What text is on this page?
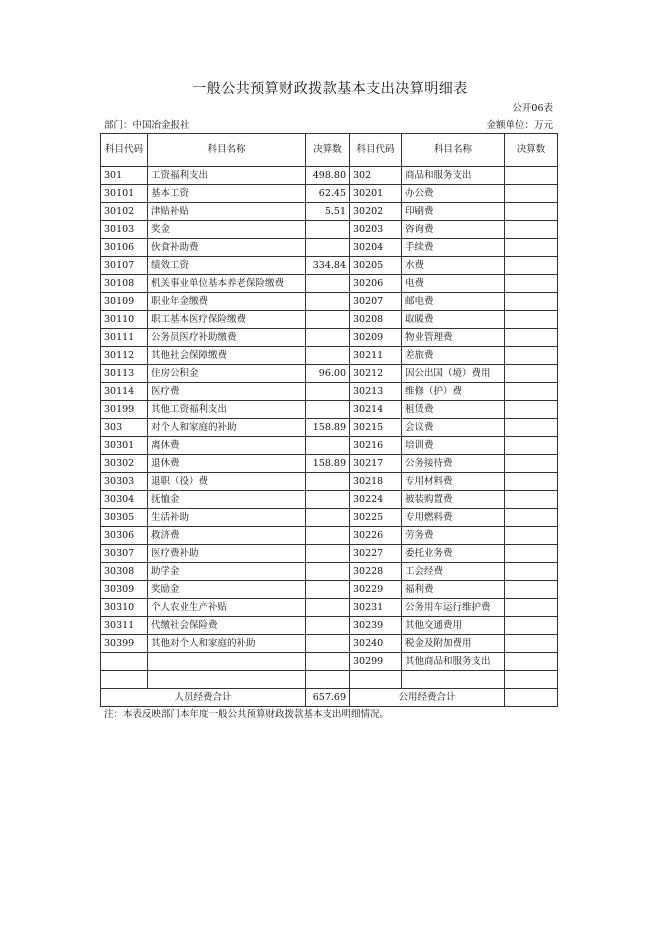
一般公共预算财政拨款基本支出决算明细表
公开06表
部门：中国冶金报社	金额单位：万元
科目代码	科目名称	决算数	科目代码	科目名称	决算数
301	工资福利支出	498.80	302	商品和服务支出	
30101	基本工资	62.45	30201	办公费	
30102	津贴补贴	5.51	30202	印刷费	
30103	奖金		30203	咨询费	
30106	伙食补助费		30204	手续费	
30107	绩效工资	334.84	30205	水费	
30108	机关事业单位基本养老保险缴费		30206	电费	
30109	职业年金缴费		30207	邮电费	
30110	职工基本医疗保险缴费		30208	取暖费	
30111	公务员医疗补助缴费		30209	物业管理费	
30112	其他社会保障缴费		30211	差旅费	
30113	住房公积金	96.00	30212	因公出国（境）费用	
30114	医疗费		30213	维修（护）费	
30199	其他工资福利支出		30214	租赁费	
303	对个人和家庭的补助	158.89	30215	会议费	
30301	离休费		30216	培训费	
30302	退休费	158.89	30217	公务接待费	
30303	退职（役）费		30218	专用材料费	
30304	抚恤金		30224	被装购置费	
30305	生活补助		30225	专用燃料费	
30306	救济费		30226	劳务费	
30307	医疗费补助		30227	委托业务费	
30308	助学金		30228	工会经费	
30309	奖励金		30229	福利费	
30310	个人农业生产补贴		30231	公务用车运行维护费	
30311	代缴社会保险费		30239	其他交通费用	
30399	其他对个人和家庭的补助		30240	税金及附加费用	
			30299	其他商品和服务支出	

人员经费合计		657.69	公用经费合计		
注：本表反映部门本年度一般公共预算财政拨款基本支出明细情况。
